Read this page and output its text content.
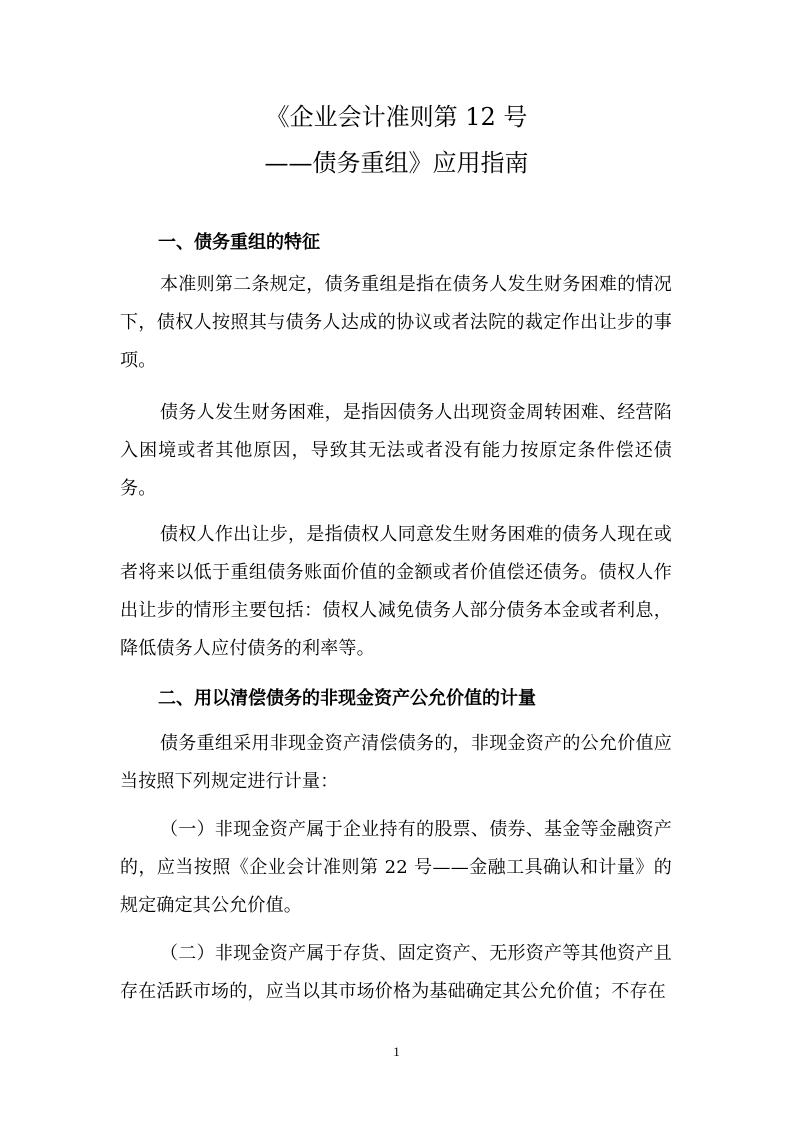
《企业会计准则第 12 号
——债务重组》应用指南
一、债务重组的特征
本准则第二条规定，债务重组是指在债务人发生财务困难的情况下，债权人按照其与债务人达成的协议或者法院的裁定作出让步的事项。
债务人发生财务困难，是指因债务人出现资金周转困难、经营陷入困境或者其他原因，导致其无法或者没有能力按原定条件偿还债务。
债权人作出让步，是指债权人同意发生财务困难的债务人现在或者将来以低于重组债务账面价值的金额或者价值偿还债务。债权人作出让步的情形主要包括：债权人减免债务人部分债务本金或者利息，降低债务人应付债务的利率等。
二、用以清偿债务的非现金资产公允价值的计量
债务重组采用非现金资产清偿债务的，非现金资产的公允价值应当按照下列规定进行计量：
（一）非现金资产属于企业持有的股票、债券、基金等金融资产的，应当按照《企业会计准则第 22 号——金融工具确认和计量》的规定确定其公允价值。
（二）非现金资产属于存货、固定资产、无形资产等其他资产且存在活跃市场的，应当以其市场价格为基础确定其公允价值；不存在
1
